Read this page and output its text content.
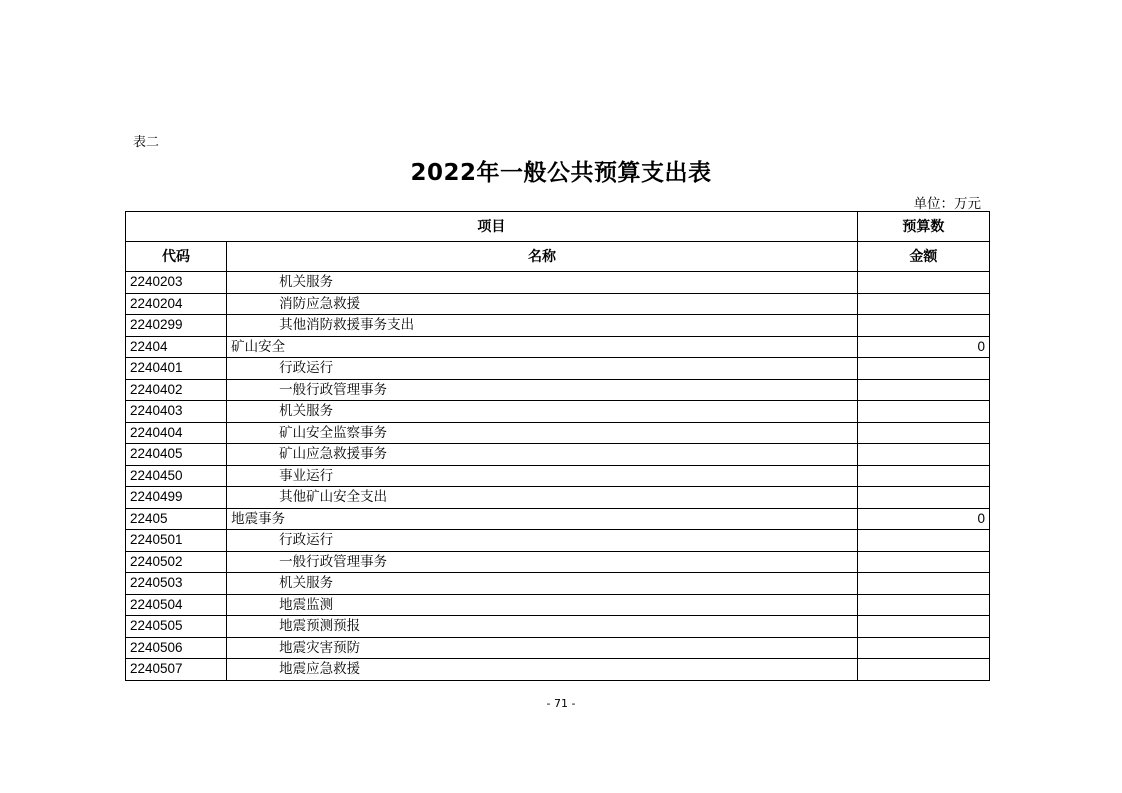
表二
2022年一般公共预算支出表
单位：万元
项目		预算数
代码	名称	金额
2240203	机关服务	
2240204	消防应急救援	
2240299	其他消防救援事务支出	
22404	矿山安全	0
2240401	行政运行	
2240402	一般行政管理事务	
2240403	机关服务	
2240404	矿山安全监察事务	
2240405	矿山应急救援事务	
2240450	事业运行	
2240499	其他矿山安全支出	
22405	地震事务	0
2240501	行政运行	
2240502	一般行政管理事务	
2240503	机关服务	
2240504	地震监测	
2240505	地震预测预报	
2240506	地震灾害预防	
2240507	地震应急救援	
- 71 -
